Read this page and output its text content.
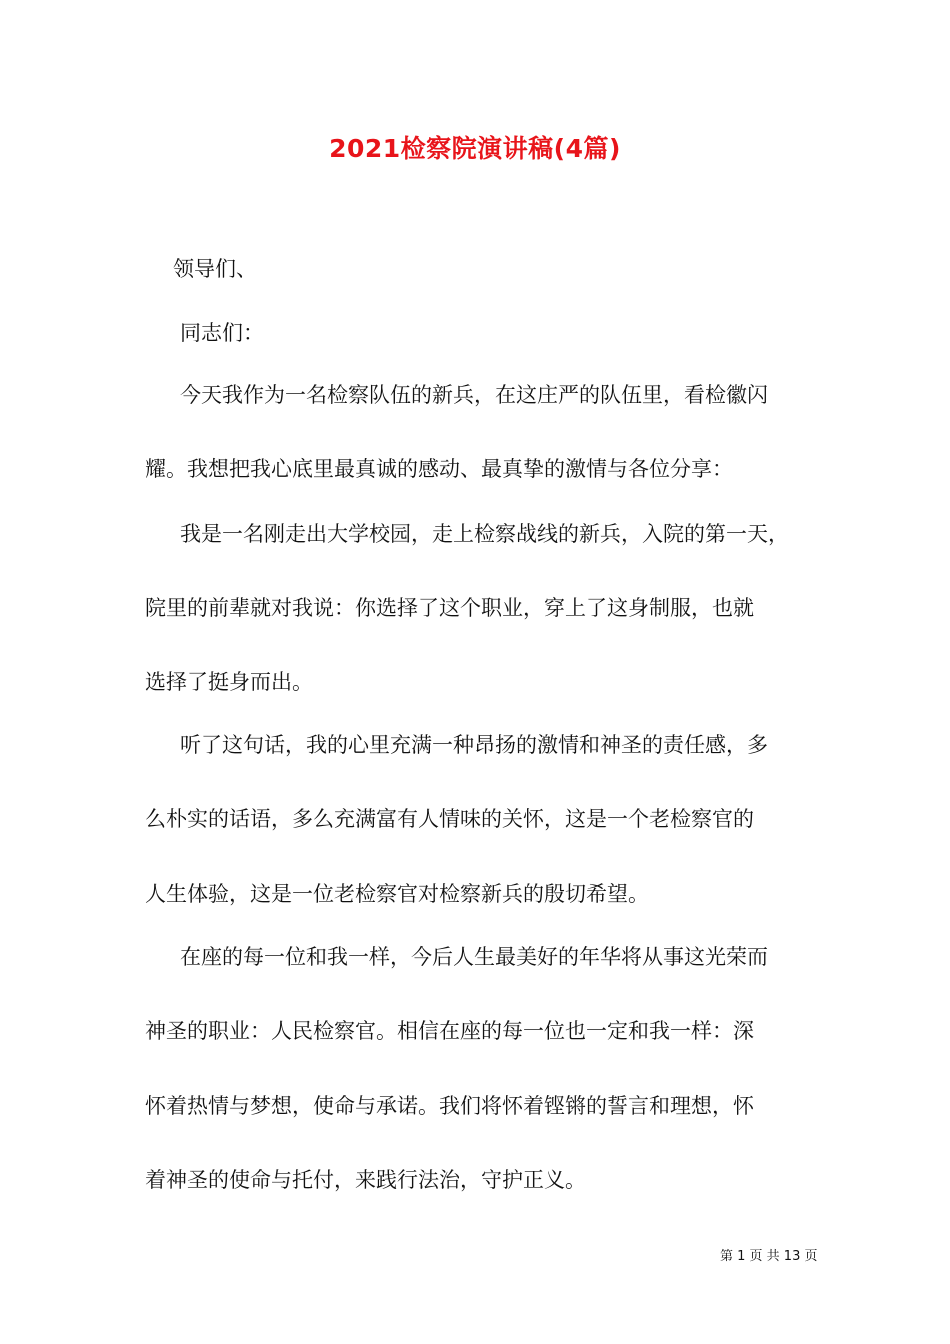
2021检察院演讲稿(4篇)
领导们、
同志们：
今天我作为一名检察队伍的新兵，在这庄严的队伍里，看检徽闪
耀。我想把我心底里最真诚的感动、最真挚的激情与各位分享：
我是一名刚走出大学校园，走上检察战线的新兵，入院的第一天，
院里的前辈就对我说：你选择了这个职业，穿上了这身制服，也就
选择了挺身而出。
听了这句话，我的心里充满一种昂扬的激情和神圣的责任感，多
么朴实的话语，多么充满富有人情味的关怀，这是一个老检察官的
人生体验，这是一位老检察官对检察新兵的殷切希望。
在座的每一位和我一样，今后人生最美好的年华将从事这光荣而
神圣的职业：人民检察官。相信在座的每一位也一定和我一样：深
怀着热情与梦想，使命与承诺。我们将怀着铿锵的誓言和理想，怀
着神圣的使命与托付，来践行法治，守护正义。
第 1 页 共 13 页
